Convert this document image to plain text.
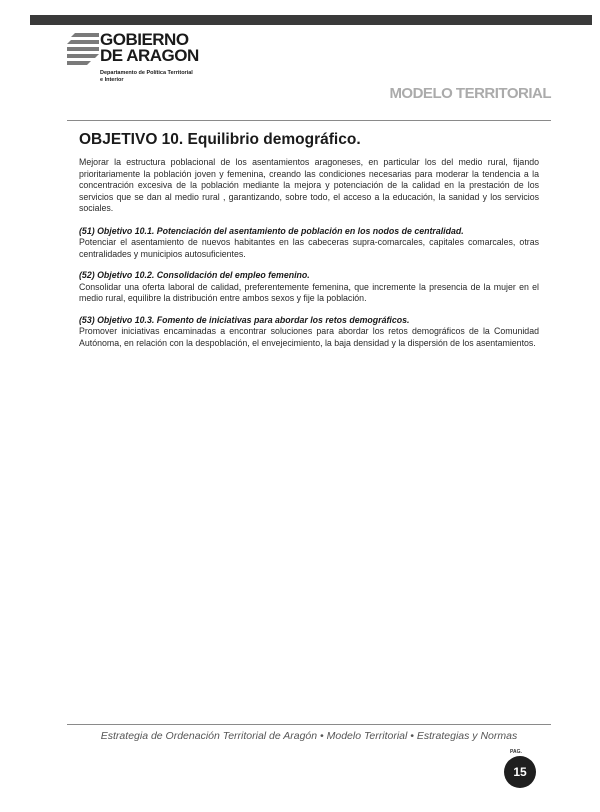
GOBIERNO
DE ARAGON
Departamento de Política Territorial
e Interior
MODELO TERRITORIAL
OBJETIVO 10. Equilibrio demográfico.

Mejorar la estructura poblacional de los asentamientos aragoneses, en particular los del medio rural, fijando prioritariamente la población joven y femenina, creando las condiciones necesarias para moderar la tendencia a la concentración excesiva de la población mediante la mejora y potenciación de la calidad en la prestación de los servicios que se dan al medio rural , garantizando, sobre todo, el acceso a la educación, la sanidad y los servicios sociales.

(51) Objetivo 10.1. Potenciación del asentamiento de población en los nodos de centralidad.

Potenciar el asentamiento de nuevos habitantes en las cabeceras supra-comarcales, capitales comarcales, otras centralidades y municipios autosuficientes.

(52) Objetivo 10.2. Consolidación del empleo femenino.

Consolidar una oferta laboral de calidad, preferentemente femenina, que incremente la presencia de la mujer en el medio rural, equilibre la distribución entre ambos sexos y fije la población.

(53) Objetivo 10.3. Fomento de iniciativas para abordar los retos demográficos.

Promover iniciativas encaminadas a encontrar soluciones para abordar los retos demográficos de la Comunidad Autónoma, en relación con la despoblación, el envejecimiento, la baja densidad y la dispersión de los asentamientos.

Estrategia de Ordenación Territorial de Aragón • Modelo Territorial • Estrategias y Normas
PAG.
15
